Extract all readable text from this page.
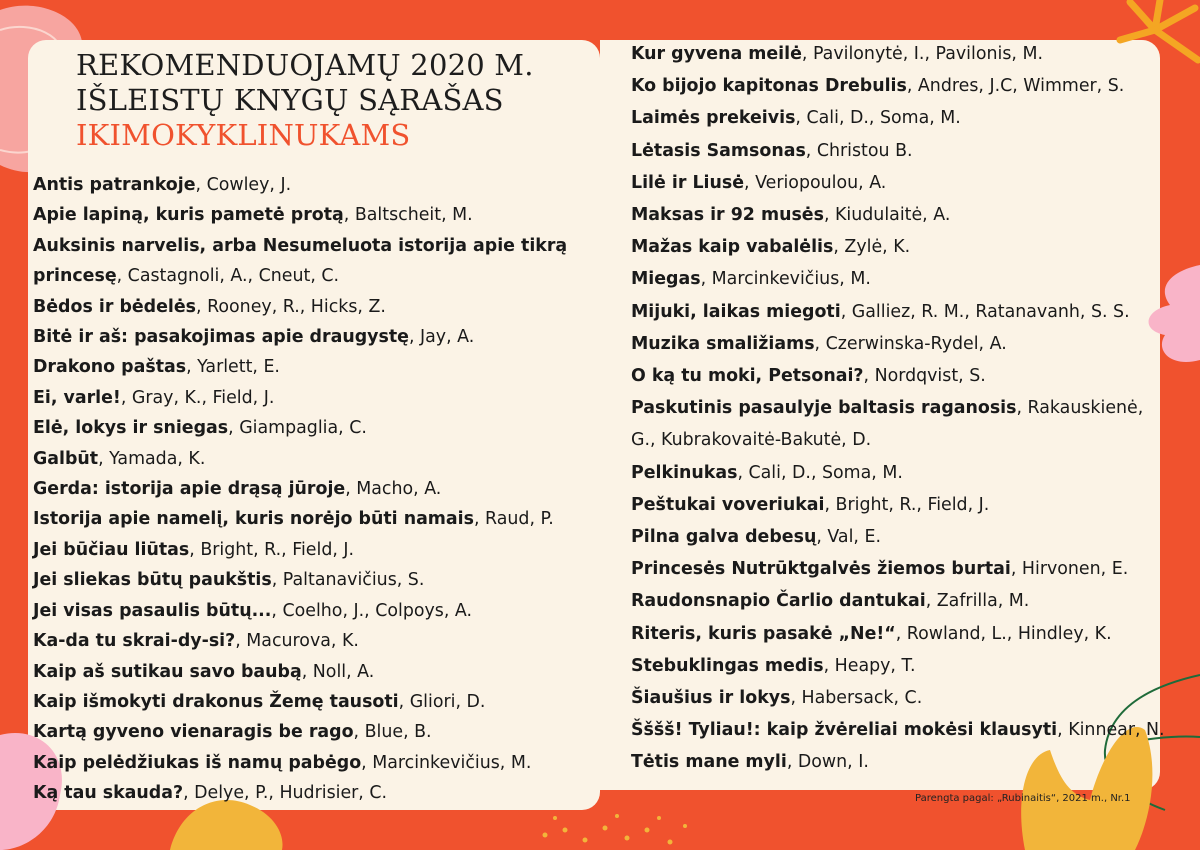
REKOMENDUOJAMŲ 2020 M.
IŠLEISTŲ KNYGŲ SĄRAŠAS
IKIMOKYKLINUKAMS
Antis patrankoje, Cowley, J.
Apie lapiną, kuris pametė protą, Baltscheit, M.
Auksinis narvelis, arba Nesumeluota istorija apie tikrą princesę, Castagnoli, A., Cneut, C.
Bėdos ir bėdelės, Rooney, R., Hicks, Z.
Bitė ir aš: pasakojimas apie draugystę, Jay, A.
Drakono paštas, Yarlett, E.
Ei, varle!, Gray, K., Field, J.
Elė, lokys ir sniegas, Giampaglia, C.
Galbūt, Yamada, K.
Gerda: istorija apie drąsą jūroje, Macho, A.
Istorija apie namelį, kuris norėjo būti namais, Raud, P.
Jei būčiau liūtas, Bright, R., Field, J.
Jei sliekas būtų paukštis, Paltanavičius, S.
Jei visas pasaulis būtų..., Coelho, J., Colpoys, A.
Ka-da tu skrai-dy-si?, Macurova, K.
Kaip aš sutikau savo baubą, Noll, A.
Kaip išmokyti drakonus Žemę tausoti, Gliori, D.
Kartą gyveno vienaragis be rago, Blue, B.
Kaip pelėdžiukas iš namų pabėgo, Marcinkevičius, M.
Ką tau skauda?, Delye, P., Hudrisier, C.
Kur gyvena meilė, Pavilonytė, I., Pavilonis, M.
Ko bijojo kapitonas Drebulis, Andres, J.C, Wimmer, S.
Laimės prekeivis, Cali, D., Soma, M.
Lėtasis Samsonas, Christou B.
Lilė ir Liusė, Veriopoulou, A.
Maksas ir 92 musės, Kiudulaitė, A.
Mažas kaip vabalėlis, Zylė, K.
Miegas, Marcinkevičius, M.
Mijuki, laikas miegoti, Galliez, R. M., Ratanavanh, S. S.
Muzika smaližiams, Czerwinska-Rydel, A.
O ką tu moki, Petsonai?, Nordqvist, S.
Paskutinis pasaulyje baltasis raganosis, Rakauskienė, G., Kubrakovaitė-Bakutė, D.
Pelkinukas, Cali, D., Soma, M.
Peštukai voveriukai, Bright, R., Field, J.
Pilna galva debesų, Val, E.
Princesės Nutrūktgalvės žiemos burtai, Hirvonen, E.
Raudonsnapio Čarlio dantukai, Zafrilla, M.
Riteris, kuris pasakė „Ne!“, Rowland, L., Hindley, K.
Stebuklingas medis, Heapy, T.
Šiaušius ir lokys, Habersack, C.
Šššš! Tyliau!: kaip žvėreliai mokėsi klausyti, Kinnear, N.
Tėtis mane myli, Down, I.
Parengta pagal: „Rubinaitis“, 2021 m., Nr.1
